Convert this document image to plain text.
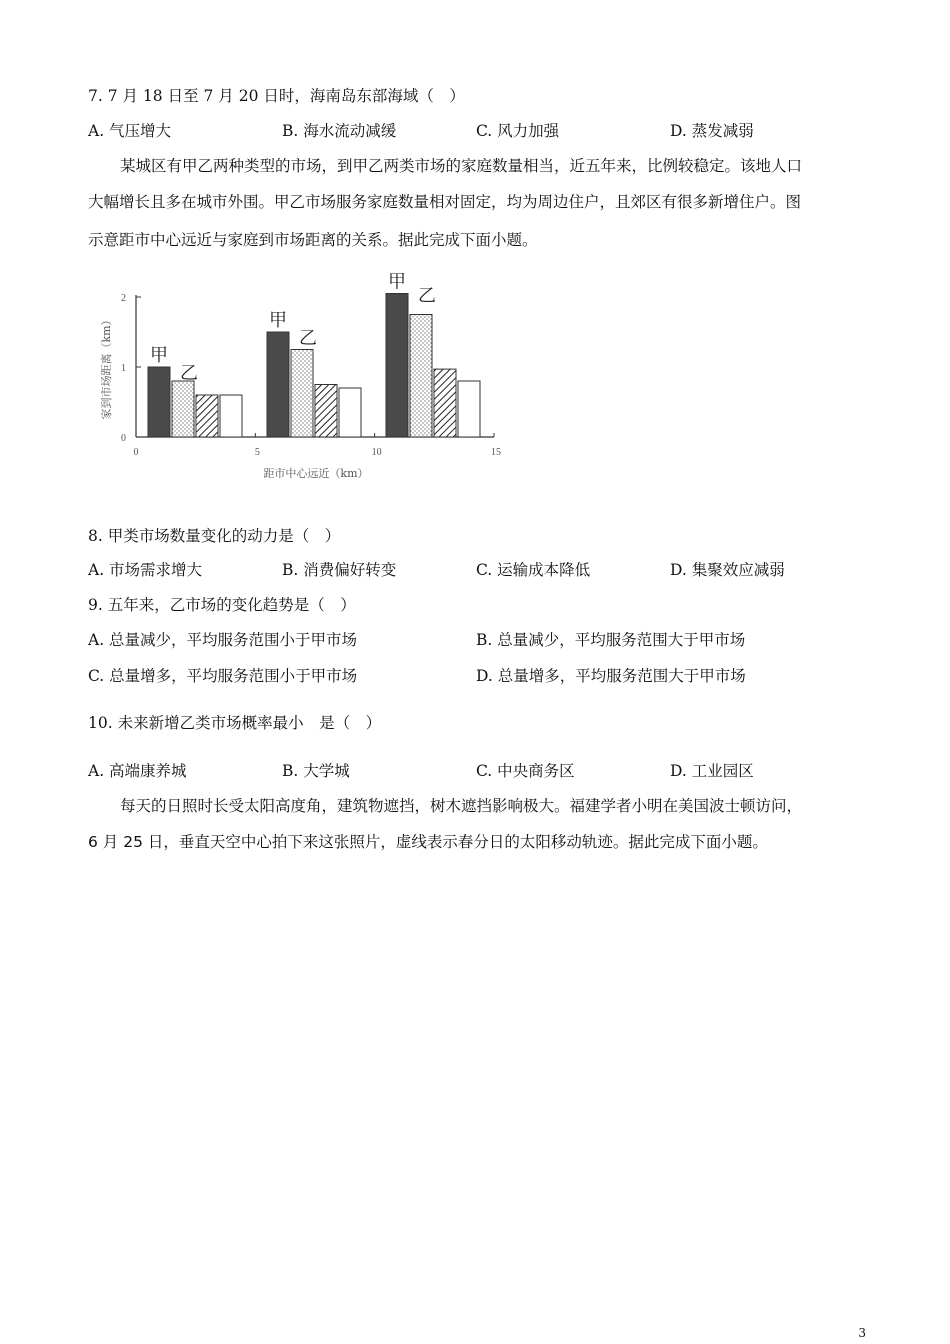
7. 7 月 18 日至 7 月 20 日时，海南岛东部海域（　）
A. 气压增大	B. 海水流动减缓	C. 风力加强	D. 蒸发减弱
某城区有甲乙两种类型的市场，到甲乙两类市场的家庭数量相当，近五年来，比例较稳定。该地人口
大幅增长且多在城市外围。甲乙市场服务家庭数量相对固定，均为周边住户，且郊区有很多新增住户。图
示意距市中心远近与家庭到市场距离的关系。据此完成下面小题。
0
1
2
0	5	10	15
距市中心远近（km）
家到市场距离（km） 甲
乙
甲
乙
甲
乙
8. 甲类市场数量变化的动力是（　）
A. 市场需求增大	B. 消费偏好转变	C. 运输成本降低	D. 集聚效应减弱
9. 五年来，乙市场的变化趋势是（　）
A. 总量减少，平均服务范围小于甲市场	B. 总量减少，平均服务范围大于甲市场
C. 总量增多，平均服务范围小于甲市场	D. 总量增多，平均服务范围大于甲市场
10. 未来新增乙类市场概率最小　是（　）
A. 高端康养城	B. 大学城	C. 中央商务区	D. 工业园区
每天的日照时长受太阳高度角，建筑物遮挡，树木遮挡影响极大。福建学者小明在美国波士顿访问，
6 月 25 日，垂直天空中心拍下来这张照片，虚线表示春分日的太阳移动轨迹。据此完成下面小题。
3
